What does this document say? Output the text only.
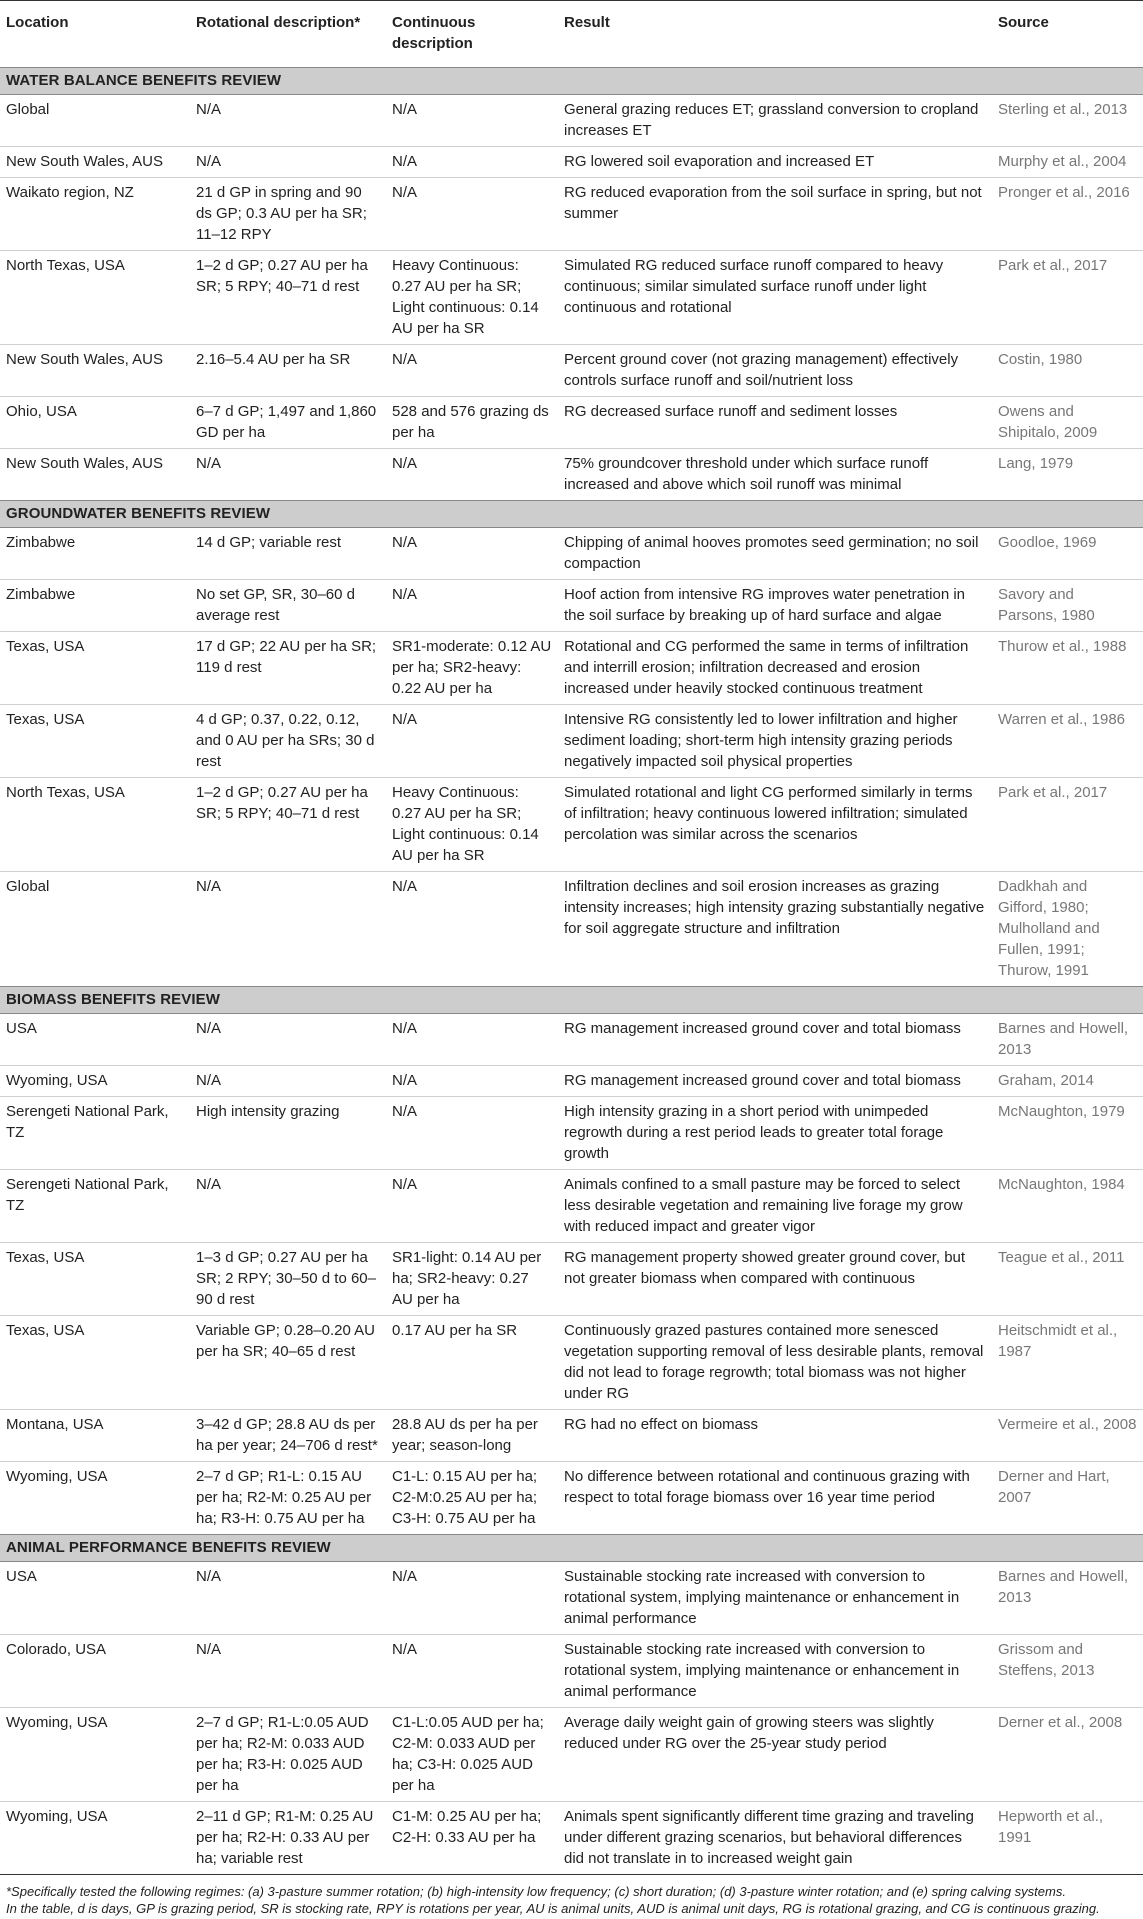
Location	Rotational description*	Continuous description	Result	Source
WATER BALANCE BENEFITS REVIEW				
Global	N/A	N/A	General grazing reduces ET; grassland conversion to cropland increases ET	Sterling et al., 2013
New South Wales, AUS	N/A	N/A	RG lowered soil evaporation and increased ET	Murphy et al., 2004
Waikato region, NZ	21 d GP in spring and 90 ds GP; 0.3 AU per ha SR; 11–12 RPY	N/A	RG reduced evaporation from the soil surface in spring, but not summer	Pronger et al., 2016
North Texas, USA	1–2 d GP; 0.27 AU per ha SR; 5 RPY; 40–71 d rest	Heavy Continuous: 0.27 AU per ha SR; Light continuous: 0.14 AU per ha SR	Simulated RG reduced surface runoff compared to heavy continuous; similar simulated surface runoff under light continuous and rotational	Park et al., 2017
New South Wales, AUS	2.16–5.4 AU per ha SR	N/A	Percent ground cover (not grazing management) effectively controls surface runoff and soil/nutrient loss	Costin, 1980
Ohio, USA	6–7 d GP; 1,497 and 1,860 GD per ha	528 and 576 grazing ds per ha	RG decreased surface runoff and sediment losses	Owens and Shipitalo, 2009
New South Wales, AUS	N/A	N/A	75% groundcover threshold under which surface runoff increased and above which soil runoff was minimal	Lang, 1979
GROUNDWATER BENEFITS REVIEW				
Zimbabwe	14 d GP; variable rest	N/A	Chipping of animal hooves promotes seed germination; no soil compaction	Goodloe, 1969
Zimbabwe	No set GP, SR, 30–60 d average rest	N/A	Hoof action from intensive RG improves water penetration in the soil surface by breaking up of hard surface and algae	Savory and Parsons, 1980
Texas, USA	17 d GP; 22 AU per ha SR; 119 d rest	SR1-moderate: 0.12 AU per ha; SR2-heavy: 0.22 AU per ha	Rotational and CG performed the same in terms of infiltration and interrill erosion; infiltration decreased and erosion increased under heavily stocked continuous treatment	Thurow et al., 1988
Texas, USA	4 d GP; 0.37, 0.22, 0.12, and 0 AU per ha SRs; 30 d rest	N/A	Intensive RG consistently led to lower infiltration and higher sediment loading; short-term high intensity grazing periods negatively impacted soil physical properties	Warren et al., 1986
North Texas, USA	1–2 d GP; 0.27 AU per ha SR; 5 RPY; 40–71 d rest	Heavy Continuous: 0.27 AU per ha SR; Light continuous: 0.14 AU per ha SR	Simulated rotational and light CG performed similarly in terms of infiltration; heavy continuous lowered infiltration; simulated percolation was similar across the scenarios	Park et al., 2017
Global	N/A	N/A	Infiltration declines and soil erosion increases as grazing intensity increases; high intensity grazing substantially negative for soil aggregate structure and infiltration	Dadkhah and Gifford, 1980; Mulholland and Fullen, 1991; Thurow, 1991
BIOMASS BENEFITS REVIEW				
USA	N/A	N/A	RG management increased ground cover and total biomass	Barnes and Howell, 2013
Wyoming, USA	N/A	N/A	RG management increased ground cover and total biomass	Graham, 2014
Serengeti National Park, TZ	High intensity grazing	N/A	High intensity grazing in a short period with unimpeded regrowth during a rest period leads to greater total forage growth	McNaughton, 1979
Serengeti National Park, TZ	N/A	N/A	Animals confined to a small pasture may be forced to select less desirable vegetation and remaining live forage my grow with reduced impact and greater vigor	McNaughton, 1984
Texas, USA	1–3 d GP; 0.27 AU per ha SR; 2 RPY; 30–50 d to 60–90 d rest	SR1-light: 0.14 AU per ha; SR2-heavy: 0.27 AU per ha	RG management property showed greater ground cover, but not greater biomass when compared with continuous	Teague et al., 2011
Texas, USA	Variable GP; 0.28–0.20 AU per ha SR; 40–65 d rest	0.17 AU per ha SR	Continuously grazed pastures contained more senesced vegetation supporting removal of less desirable plants, removal did not lead to forage regrowth; total biomass was not higher under RG	Heitschmidt et al., 1987
Montana, USA	3–42 d GP; 28.8 AU ds per ha per year; 24–706 d rest*	28.8 AU ds per ha per year; season-long	RG had no effect on biomass	Vermeire et al., 2008
Wyoming, USA	2–7 d GP; R1-L: 0.15 AU per ha; R2-M: 0.25 AU per ha; R3-H: 0.75 AU per ha	C1-L: 0.15 AU per ha; C2-M:0.25 AU per ha; C3-H: 0.75 AU per ha	No difference between rotational and continuous grazing with respect to total forage biomass over 16 year time period	Derner and Hart, 2007
ANIMAL PERFORMANCE BENEFITS REVIEW				
USA	N/A	N/A	Sustainable stocking rate increased with conversion to rotational system, implying maintenance or enhancement in animal performance	Barnes and Howell, 2013
Colorado, USA	N/A	N/A	Sustainable stocking rate increased with conversion to rotational system, implying maintenance or enhancement in animal performance	Grissom and Steffens, 2013
Wyoming, USA	2–7 d GP; R1-L:0.05 AUD per ha; R2-M: 0.033 AUD per ha; R3-H: 0.025 AUD per ha	C1-L:0.05 AUD per ha; C2-M: 0.033 AUD per ha; C3-H: 0.025 AUD per ha	Average daily weight gain of growing steers was slightly reduced under RG over the 25-year study period	Derner et al., 2008
Wyoming, USA	2–11 d GP; R1-M: 0.25 AU per ha; R2-H: 0.33 AU per ha; variable rest	C1-M: 0.25 AU per ha; C2-H: 0.33 AU per ha	Animals spent significantly different time grazing and traveling under different grazing scenarios, but behavioral differences did not translate in to increased weight gain	Hepworth et al., 1991
*Specifically tested the following regimes: (a) 3-pasture summer rotation; (b) high-intensity low frequency; (c) short duration; (d) 3-pasture winter rotation; and (e) spring calving systems.
In the table, d is days, GP is grazing period, SR is stocking rate, RPY is rotations per year, AU is animal units, AUD is animal unit days, RG is rotational grazing, and CG is continuous grazing.
